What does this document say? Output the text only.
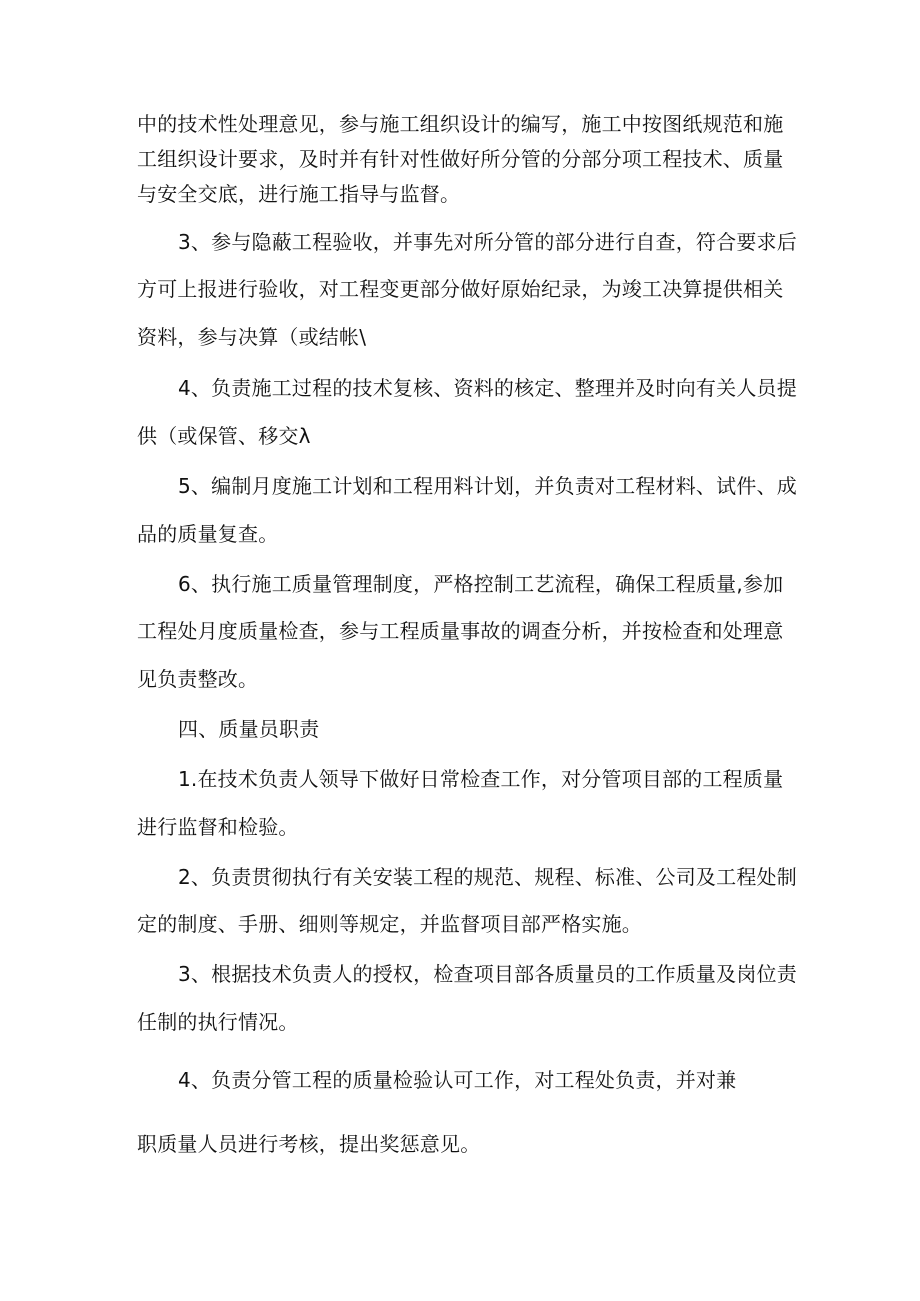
中的技术性处理意见，参与施工组织设计的编写，施工中按图纸规范和施
工组织设计要求，及时并有针对性做好所分管的分部分项工程技术、质量
与安全交底，进行施工指导与监督。
3、参与隐蔽工程验收，并事先对所分管的部分进行自查，符合要求后
方可上报进行验收，对工程变更部分做好原始纪录，为竣工决算提供相关
资料，参与决算（或结帐\
4、负责施工过程的技术复核、资料的核定、整理并及时向有关人员提
供（或保管、移交λ
5、编制月度施工计划和工程用料计划，并负责对工程材料、试件、成
品的质量复查。
6、执行施工质量管理制度，严格控制工艺流程，确保工程质量,参加
工程处月度质量检查，参与工程质量事故的调查分析，并按检查和处理意
见负责整改。
四、质量员职责
1.在技术负责人领导下做好日常检查工作，对分管项目部的工程质量
进行监督和检验。
2、负责贯彻执行有关安装工程的规范、规程、标准、公司及工程处制
定的制度、手册、细则等规定，并监督项目部严格实施。
3、根据技术负责人的授权，检查项目部各质量员的工作质量及岗位责
任制的执行情况。
4、负责分管工程的质量检验认可工作，对工程处负责，并对兼
职质量人员进行考核，提出奖惩意见。
